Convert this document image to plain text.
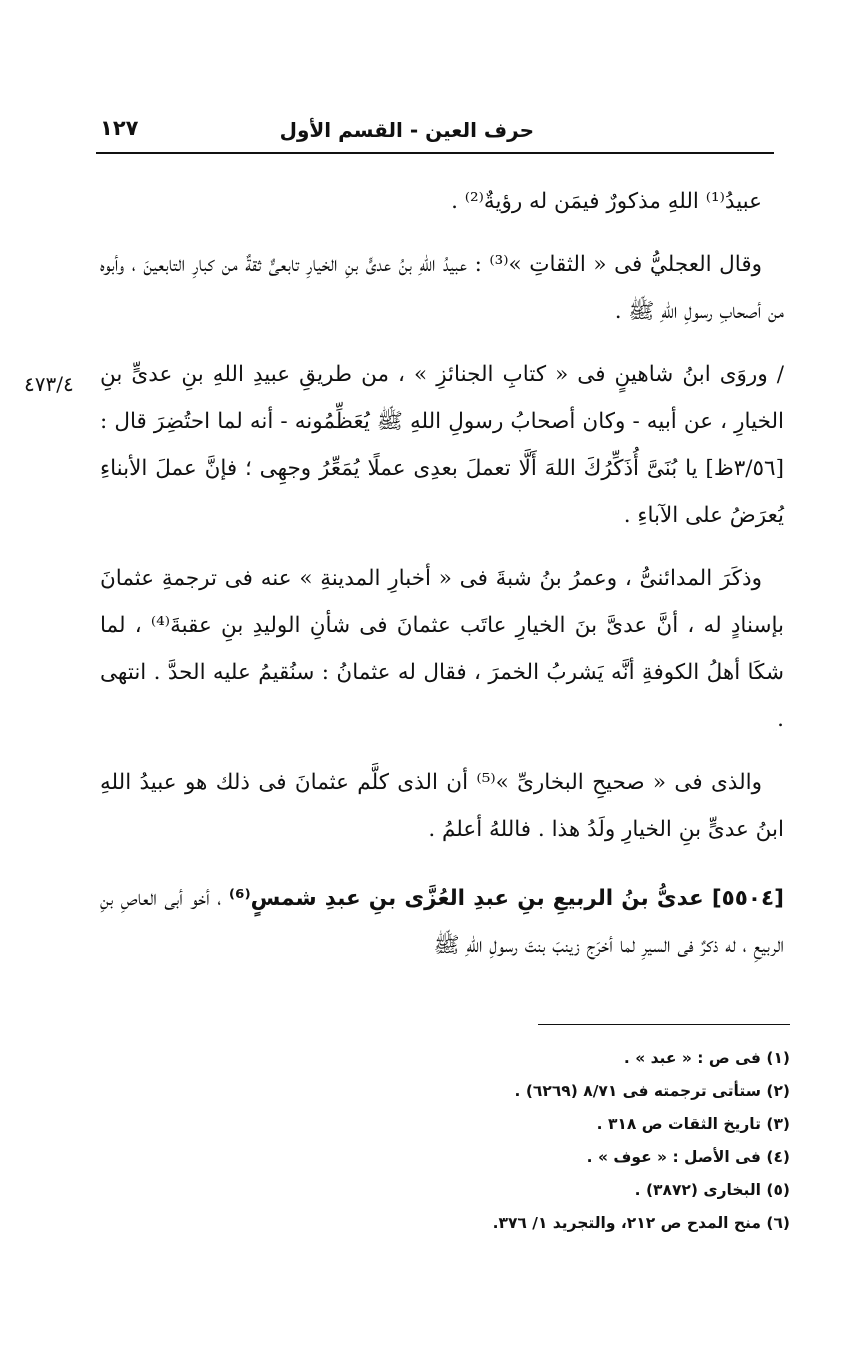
حرف العين - القسم الأول
١٢٧
٤٧٣/٤

عبيدُ⁽¹⁾ اللهِ مذكورٌ فيمَن له رؤيةٌ⁽²⁾ .

وقال العجليُّ فى « الثقاتِ »⁽³⁾ : عبيدُ اللهِ بنُ عدىٍّ بنِ الخيارِ تابعىٌّ ثقةٌ من كبارِ التابعينَ ، وأبوه من أصحابِ رسولِ اللهِ ﷺ .

/ وروَى ابنُ شاهينٍ فى « كتابِ الجنائزِ » ، من طريقِ عبيدِ اللهِ بنِ عدىٍّ بنِ الخيارِ ، عن أبيه - وكان أصحابُ رسولِ اللهِ ﷺ يُعَظِّمُونه - أنه لما احتُضِرَ قال : [٣/٥٦ظ] يا بُنَىَّ أُذَكِّرُكَ اللهَ أَلَّا تعملَ بعدِى عملًا يُمَعِّرُ وجهِى ؛ فإنَّ عملَ الأبناءِ يُعرَضُ على الآباءِ .

وذكَرَ المدائنىُّ ، وعمرُ بنُ شبةَ فى « أخبارِ المدينةِ » عنه فى ترجمةِ عثمانَ بإسنادٍ له ، أنَّ عدىَّ بنَ الخيارِ عاتَب عثمانَ فى شأنِ الوليدِ بنِ عقبةَ⁽⁴⁾ ، لما شكَا أهلُ الكوفةِ أنَّه يَشربُ الخمرَ ، فقال له عثمانُ : سنُقيمُ عليه الحدَّ . انتهى .

والذى فى « صحيحِ البخارىِّ »⁽⁵⁾ أن الذى كلَّم عثمانَ فى ذلك هو عبيدُ اللهِ ابنُ عدىٍّ بنِ الخيارِ ولَدُ هذا . فاللهُ أعلمُ .

[٥٥٠٤] عدىُّ بنُ الربيعِ بنِ عبدِ العُزَّى بنِ عبدِ شمسٍ⁽⁶⁾ ، أخو أبى العاصِ بنِ الربيعِ ، له ذكرٌ فى السيرِ لما أخرَج زينبَ بنتَ رسولِ اللهِ ﷺ

(١) فى ص : « عبد » .
(٢) ستأتى ترجمته فى ٨/٧١ (٦٢٦٩) .
(٣) تاريخ الثقات ص ٣١٨ .
(٤) فى الأصل : « عوف » .
(٥) البخارى (٣٨٧٢) .
(٦) منح المدح ص ٢١٢، والتجريد ١/ ٣٧٦.
